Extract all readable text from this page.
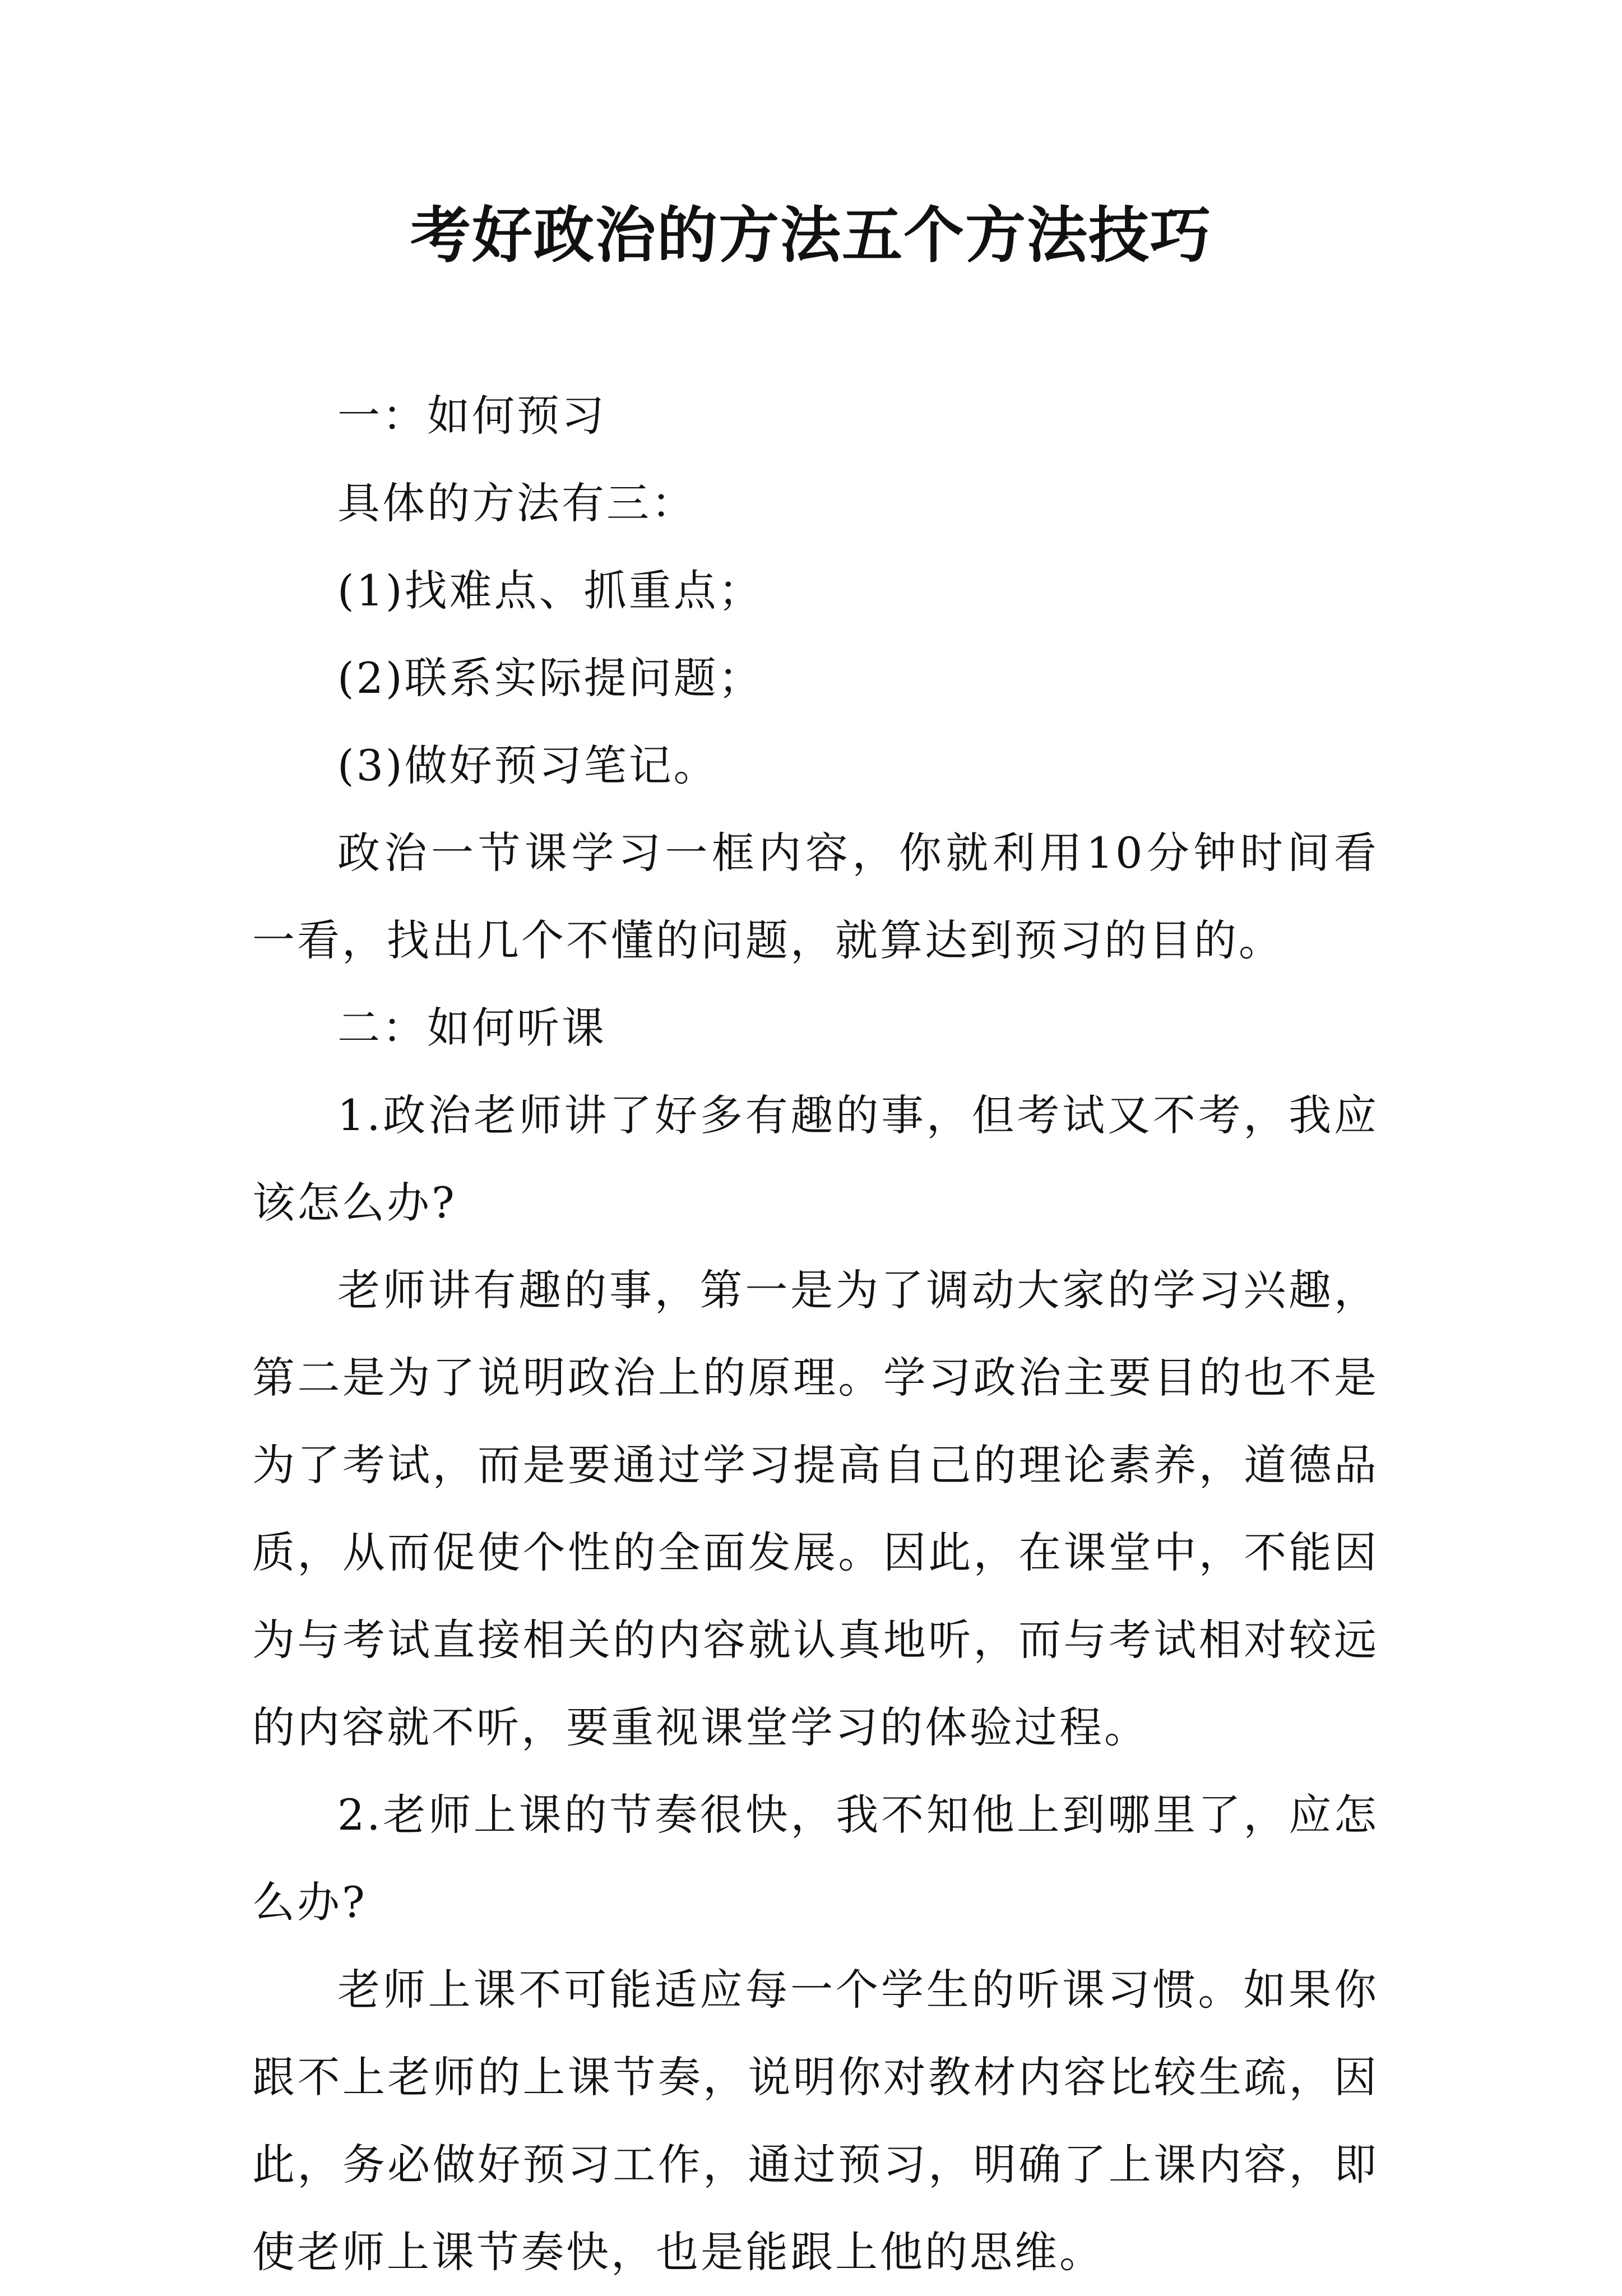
考好政治的方法五个方法技巧

一：如何预习

具体的方法有三：

(1)找难点、抓重点；

(2)联系实际提问题；

(3)做好预习笔记。

政治一节课学习一框内容，你就利用10分钟时间看一看，找出几个不懂的问题，就算达到预习的目的。

二：如何听课

1.政治老师讲了好多有趣的事，但考试又不考，我应该怎么办?

老师讲有趣的事，第一是为了调动大家的学习兴趣，第二是为了说明政治上的原理。学习政治主要目的也不是为了考试，而是要通过学习提高自己的理论素养，道德品质，从而促使个性的全面发展。因此，在课堂中，不能因为与考试直接相关的内容就认真地听，而与考试相对较远的内容就不听，要重视课堂学习的体验过程。

2.老师上课的节奏很快，我不知他上到哪里了，应怎么办?

老师上课不可能适应每一个学生的听课习惯。如果你跟不上老师的上课节奏，说明你对教材内容比较生疏，因此，务必做好预习工作，通过预习，明确了上课内容，即使老师上课节奏快，也是能跟上他的思维。
